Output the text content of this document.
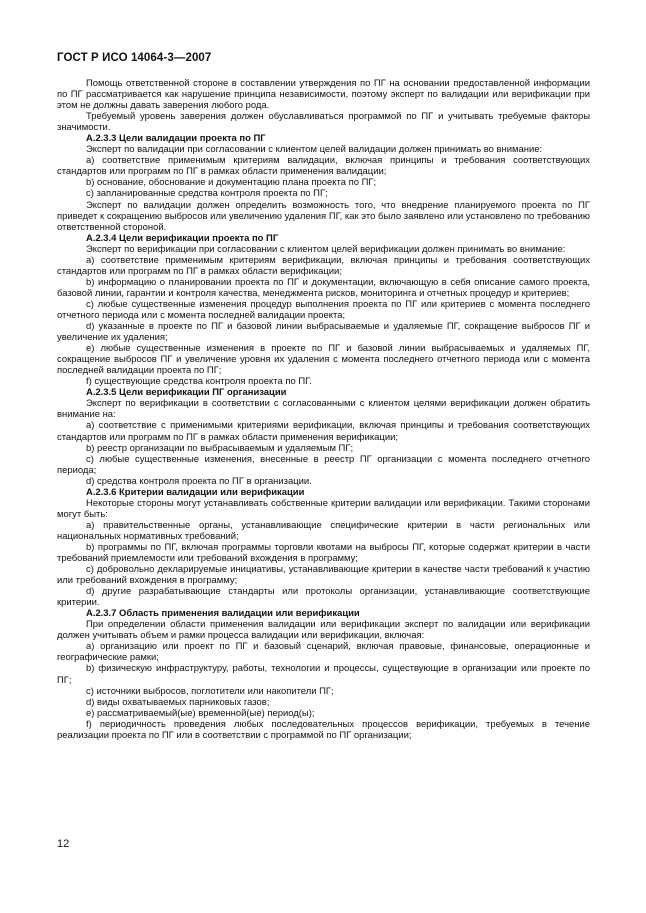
ГОСТ Р ИСО 14064-3—2007

Помощь ответственной стороне в составлении утверждения по ПГ на основании предоставленной информации по ПГ рассматривается как нарушение принципа независимости, поэтому эксперт по валидации или верификации при этом не должны давать заверения любого рода.

Требуемый уровень заверения должен обуславливаться программой по ПГ и учитывать требуемые факторы значимости.

А.2.3.3 Цели валидации проекта по ПГ

Эксперт по валидации при согласовании с клиентом целей валидации должен принимать во внимание:

а) соответствие применимым критериям валидации, включая принципы и требования соответствующих стандартов или программ по ПГ в рамках области применения валидации;

b) основание, обоснование и документацию плана проекта по ПГ;

c) запланированные средства контроля проекта по ПГ;

Эксперт по валидации должен определить возможность того, что внедрение планируемого проекта по ПГ приведет к сокращению выбросов или увеличению удаления ПГ, как это было заявлено или установлено по требованию ответственной стороной.

А.2.3.4 Цели верификации проекта по ПГ

Эксперт по верификации при согласовании с клиентом целей верификации должен принимать во внимание:

а) соответствие применимым критериям верификации, включая принципы и требования соответствующих стандартов или программ по ПГ в рамках области верификации;

b) информацию о планировании проекта по ПГ и документации, включающую в себя описание самого проекта, базовой линии, гарантии и контроля качества, менеджмента рисков, мониторинга и отчетных процедур и критериев;

c) любые существенные изменения процедур выполнения проекта по ПГ или критериев с момента последнего отчетного периода или с момента последней валидации проекта;

d) указанные в проекте по ПГ и базовой линии выбрасываемые и удаляемые ПГ, сокращение выбросов ПГ и увеличение их удаления;

e) любые существенные изменения в проекте по ПГ и базовой линии выбрасываемых и удаляемых ПГ, сокращение выбросов ПГ и увеличение уровня их удаления с момента последнего отчетного периода или с момента последней валидации проекта по ПГ;

f) существующие средства контроля проекта по ПГ.

А.2.3.5 Цели верификации ПГ организации

Эксперт по верификации в соответствии с согласованными с клиентом целями верификации должен обратить внимание на:

а) соответствие с применимыми критериями верификации, включая принципы и требования соответствующих стандартов или программ по ПГ в рамках области применения верификации;

b) реестр организации по выбрасываемым и удаляемым ПГ;

c) любые существенные изменения, внесенные в реестр ПГ организации с момента последнего отчетного периода;

d) средства контроля проекта по ПГ в организации.

А.2.3.6 Критерии валидации или верификации

Некоторые стороны могут устанавливать собственные критерии валидации или верификации. Такими сторонами могут быть:

а) правительственные органы, устанавливающие специфические критерии в части региональных или национальных нормативных требований;

b) программы по ПГ, включая программы торговли квотами на выбросы ПГ, которые содержат критерии в части требований приемлемости или требований вхождения в программу;

c) добровольно декларируемые инициативы, устанавливающие критерии в качестве части требований к участию или требований вхождения в программу;

d) другие разрабатывающие стандарты или протоколы организации, устанавливающие соответствующие критерии.

А.2.3.7 Область применения валидации или верификации

При определении области применения валидации или верификации эксперт по валидации или верификации должен учитывать объем и рамки процесса валидации или верификации, включая:

а) организацию или проект по ПГ и базовый сценарий, включая правовые, финансовые, операционные и географические рамки;

b) физическую инфраструктуру, работы, технологии и процессы, существующие в организации или проекте по ПГ;

c) источники выбросов, поглотители или накопители ПГ;

d) виды охватываемых парниковых газов;

e) рассматриваемый(ые) временной(ые) период(ы);

f) периодичность проведения любых последовательных процессов верификации, требуемых в течение реализации проекта по ПГ или в соответствии с программой по ПГ организации;

12
